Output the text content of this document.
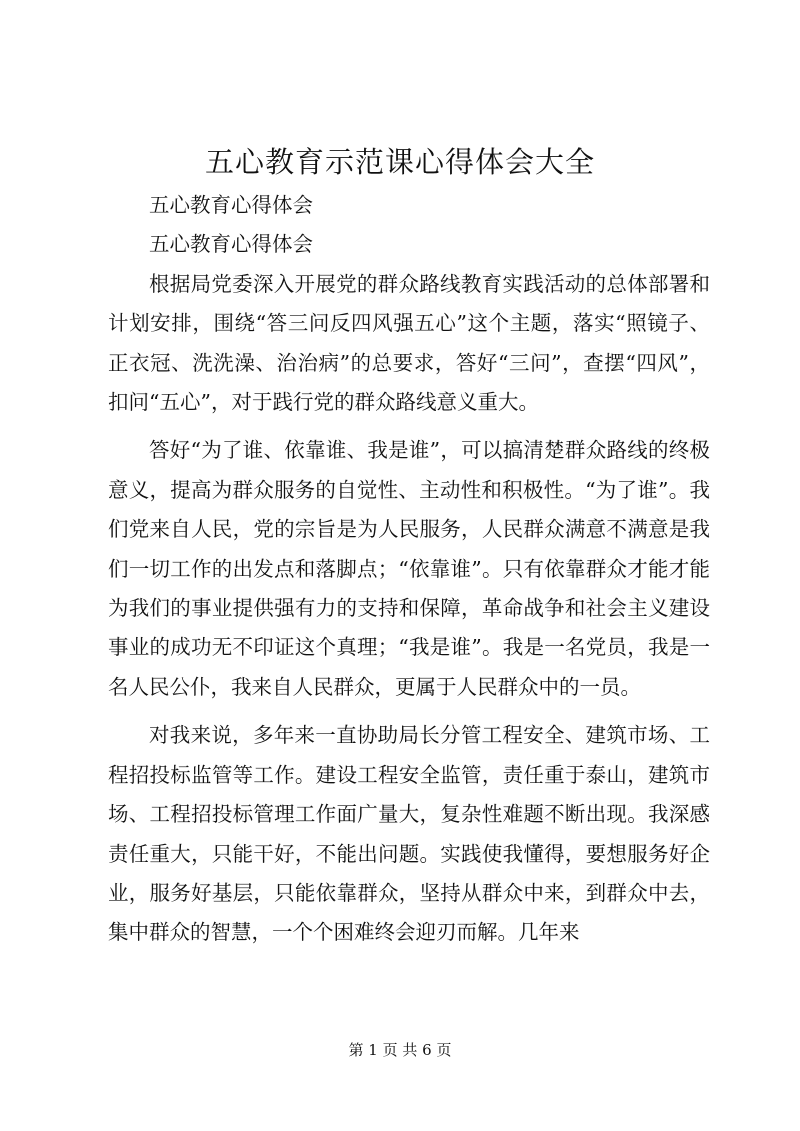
五心教育示范课心得体会大全

五心教育心得体会

五心教育心得体会

根据局党委深入开展党的群众路线教育实践活动的总体部署和计划安排，围绕“答三问反四风强五心”这个主题，落实“照镜子、正衣冠、洗洗澡、治治病”的总要求，答好“三问”，查摆“四风”，扣问“五心”，对于践行党的群众路线意义重大。

答好“为了谁、依靠谁、我是谁”，可以搞清楚群众路线的终极意义，提高为群众服务的自觉性、主动性和积极性。“为了谁”。我们党来自人民，党的宗旨是为人民服务，人民群众满意不满意是我们一切工作的出发点和落脚点；“依靠谁”。只有依靠群众才能才能为我们的事业提供强有力的支持和保障，革命战争和社会主义建设事业的成功无不印证这个真理；“我是谁”。我是一名党员，我是一名人民公仆，我来自人民群众，更属于人民群众中的一员。

对我来说，多年来一直协助局长分管工程安全、建筑市场、工程招投标监管等工作。建设工程安全监管，责任重于泰山，建筑市场、工程招投标管理工作面广量大，复杂性难题不断出现。我深感责任重大，只能干好，不能出问题。实践使我懂得，要想服务好企业，服务好基层，只能依靠群众，坚持从群众中来，到群众中去，集中群众的智慧，一个个困难终会迎刃而解。几年来

第 1 页 共 6 页
